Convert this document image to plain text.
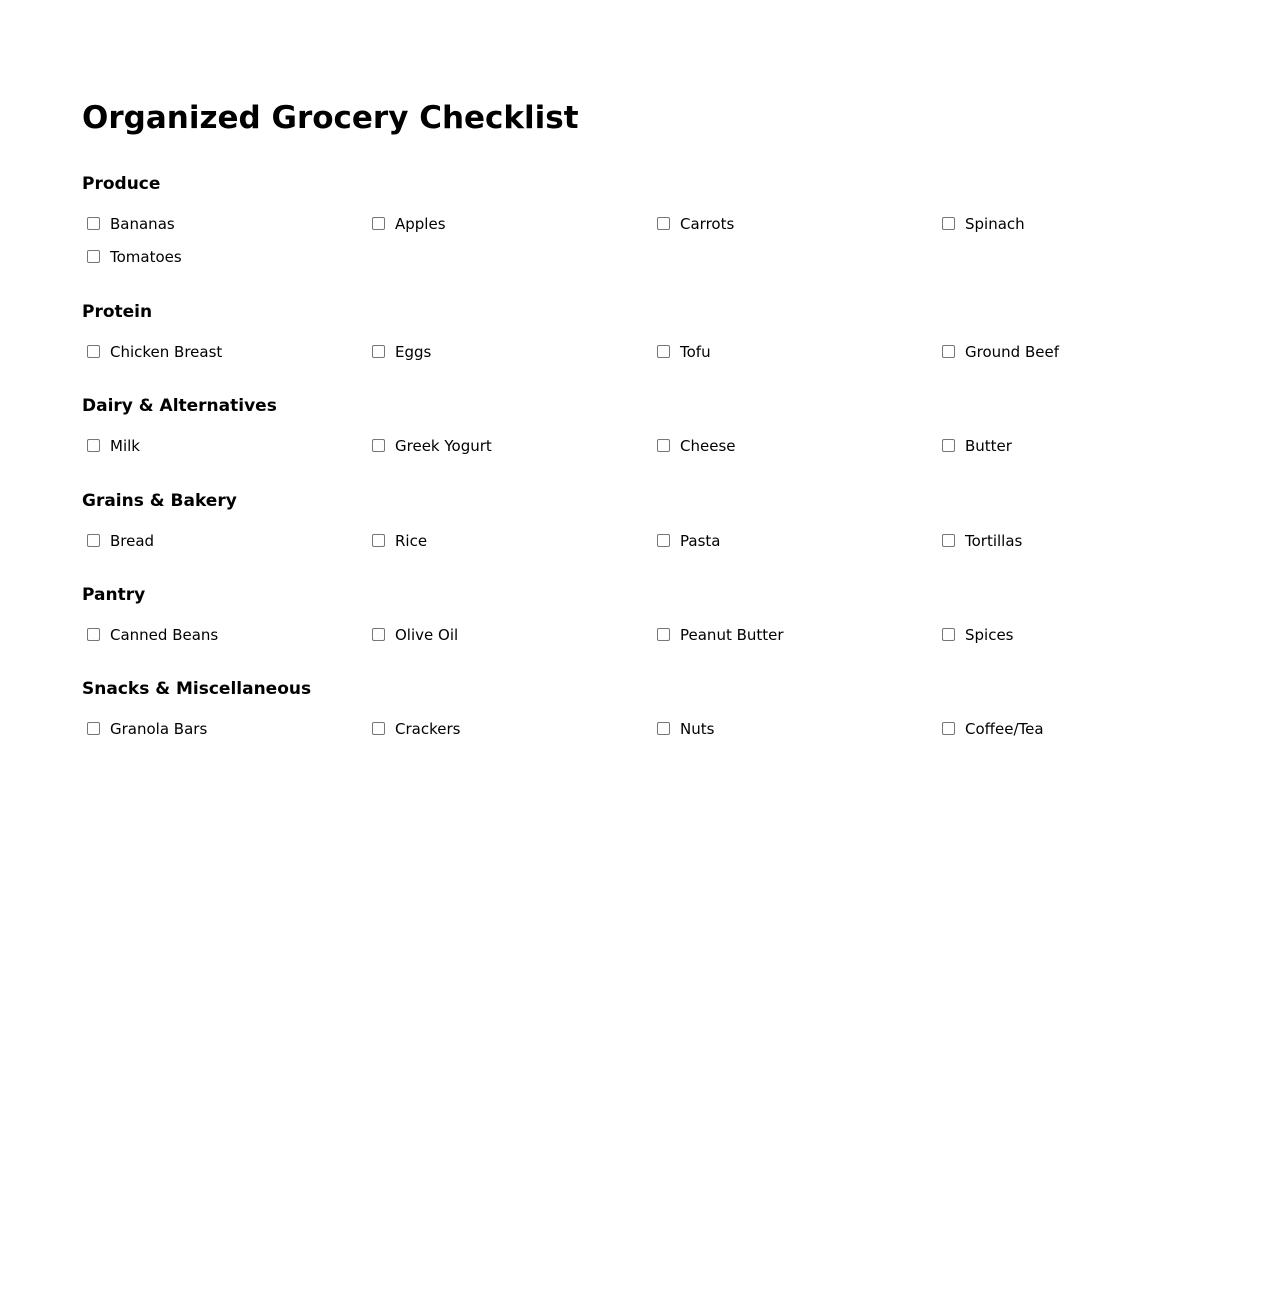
Organized Grocery Checklist
Produce
Bananas	Apples	Carrots	Spinach
Tomatoes
Protein
Chicken Breast	Eggs	Tofu	Ground Beef
Dairy & Alternatives
Milk	Greek Yogurt	Cheese	Butter
Grains & Bakery
Bread	Rice	Pasta	Tortillas
Pantry
Canned Beans	Olive Oil	Peanut Butter	Spices
Snacks & Miscellaneous
Granola Bars	Crackers	Nuts	Coffee/Tea
